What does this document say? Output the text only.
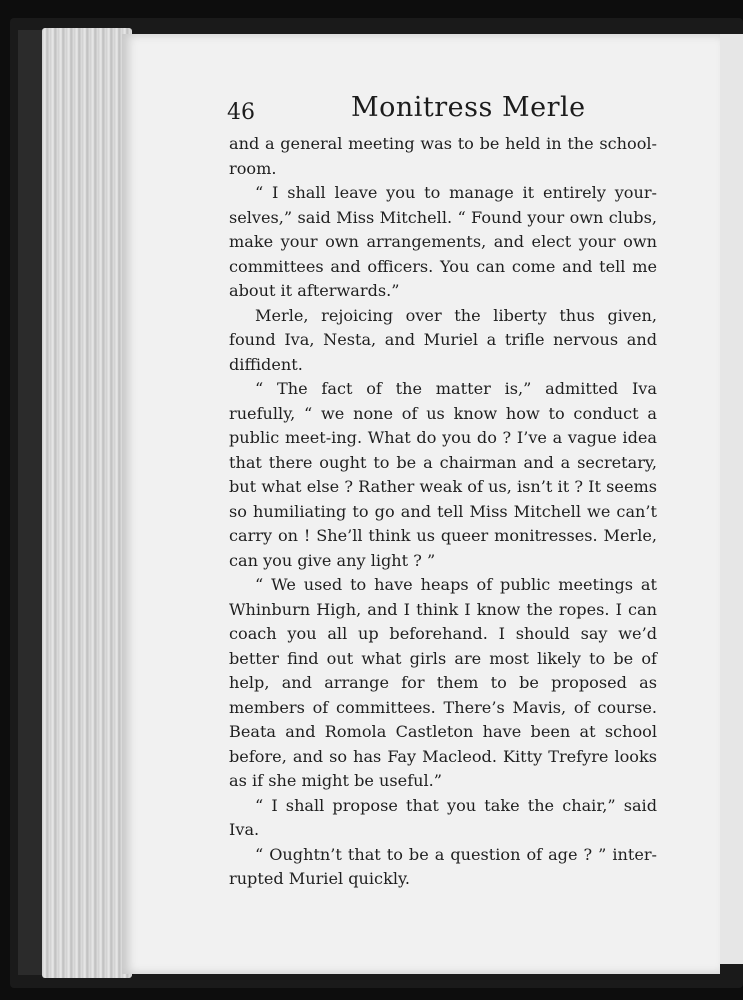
46	Monitress Merle

and a general meeting was to be held in the school-room.

“ I shall leave you to manage it entirely your-selves,” said Miss Mitchell. “ Found your own clubs, make your own arrangements, and elect your own committees and officers. You can come and tell me about it afterwards.”

Merle, rejoicing over the liberty thus given, found Iva, Nesta, and Muriel a trifle nervous and diffident.

“ The fact of the matter is,” admitted Iva ruefully, “ we none of us know how to conduct a public meet-ing. What do you do ? I’ve a vague idea that there ought to be a chairman and a secretary, but what else ? Rather weak of us, isn’t it ? It seems so humiliating to go and tell Miss Mitchell we can’t carry on ! She’ll think us queer monitresses. Merle, can you give any light ? ”

“ We used to have heaps of public meetings at Whinburn High, and I think I know the ropes. I can coach you all up beforehand. I should say we’d better find out what girls are most likely to be of help, and arrange for them to be proposed as members of committees. There’s Mavis, of course. Beata and Romola Castleton have been at school before, and so has Fay Macleod. Kitty Trefyre looks as if she might be useful.”

“ I shall propose that you take the chair,” said Iva.

“ Oughtn’t that to be a question of age ? ” inter-rupted Muriel quickly.
